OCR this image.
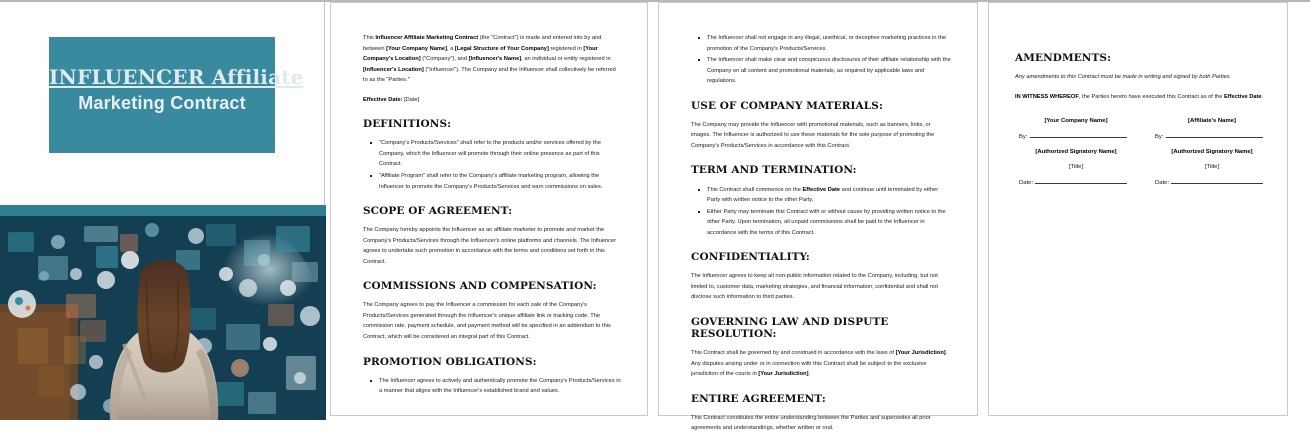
INFLUENCER Affiliate
Marketing Contract

This Influencer Affiliate Marketing Contract (the "Contract") is made and entered into by and between [Your Company Name], a [Legal Structure of Your Company] registered in [Your Company's Location] ("Company"), and [Influencer's Name], an individual or entity registered in [Influencer's Location] ("Influencer"). The Company and the Influencer shall collectively be referred to as the "Parties."

Effective Date: [Date]

DEFINITIONS:
"Company's Products/Services" shall refer to the products and/or services offered by the Company, which the Influencer will promote through their online presence as part of this Contract.
"Affiliate Program" shall refer to the Company's affiliate marketing program, allowing the Influencer to promote the Company's Products/Services and earn commissions on sales.
SCOPE OF AGREEMENT:

The Company hereby appoints the Influencer as an affiliate marketer to promote and market the Company's Products/Services through the Influencer's online platforms and channels. The Influencer agrees to undertake such promotion in accordance with the terms and conditions set forth in this Contract.

COMMISSIONS AND COMPENSATION:

The Company agrees to pay the Influencer a commission for each sale of the Company's Products/Services generated through the Influencer's unique affiliate link or tracking code. The commission rate, payment schedule, and payment method will be specified in an addendum to this Contract, which will be considered an integral part of this Contract.

PROMOTION OBLIGATIONS:
The Influencer agrees to actively and authentically promote the Company's Products/Services in a manner that aligns with the Influencer's established brand and values.
The Influencer shall not engage in any illegal, unethical, or deceptive marketing practices in the promotion of the Company's Products/Services.
The Influencer shall make clear and conspicuous disclosures of their affiliate relationship with the Company on all content and promotional materials, as required by applicable laws and regulations.
USE OF COMPANY MATERIALS:

The Company may provide the Influencer with promotional materials, such as banners, links, or images. The Influencer is authorized to use these materials for the sole purpose of promoting the Company's Products/Services in accordance with this Contract.

TERM AND TERMINATION:
This Contract shall commence on the Effective Date and continue until terminated by either Party with written notice to the other Party.
Either Party may terminate this Contract with or without cause by providing written notice to the other Party. Upon termination, all unpaid commissions shall be paid to the Influencer in accordance with the terms of this Contract.
CONFIDENTIALITY:

The Influencer agrees to keep all non-public information related to the Company, including, but not limited to, customer data, marketing strategies, and financial information, confidential and shall not disclose such information to third parties.

GOVERNING LAW AND DISPUTE RESOLUTION:

This Contract shall be governed by and construed in accordance with the laws of [Your Jurisdiction]. Any disputes arising under or in connection with this Contract shall be subject to the exclusive jurisdiction of the courts in [Your Jurisdiction].

ENTIRE AGREEMENT:

This Contract constitutes the entire understanding between the Parties and supersedes all prior agreements and understandings, whether written or oral.

AMENDMENTS:

Any amendments to this Contract must be made in writing and signed by both Parties.

IN WITNESS WHEREOF, the Parties hereto have executed this Contract as of the Effective Date.

[Your Company Name]
By:
[Authorized Signatory Name]
[Title]
Date:
[Affiliate's Name]
By:
[Authorized Signatory Name]
[Title]
Date:
